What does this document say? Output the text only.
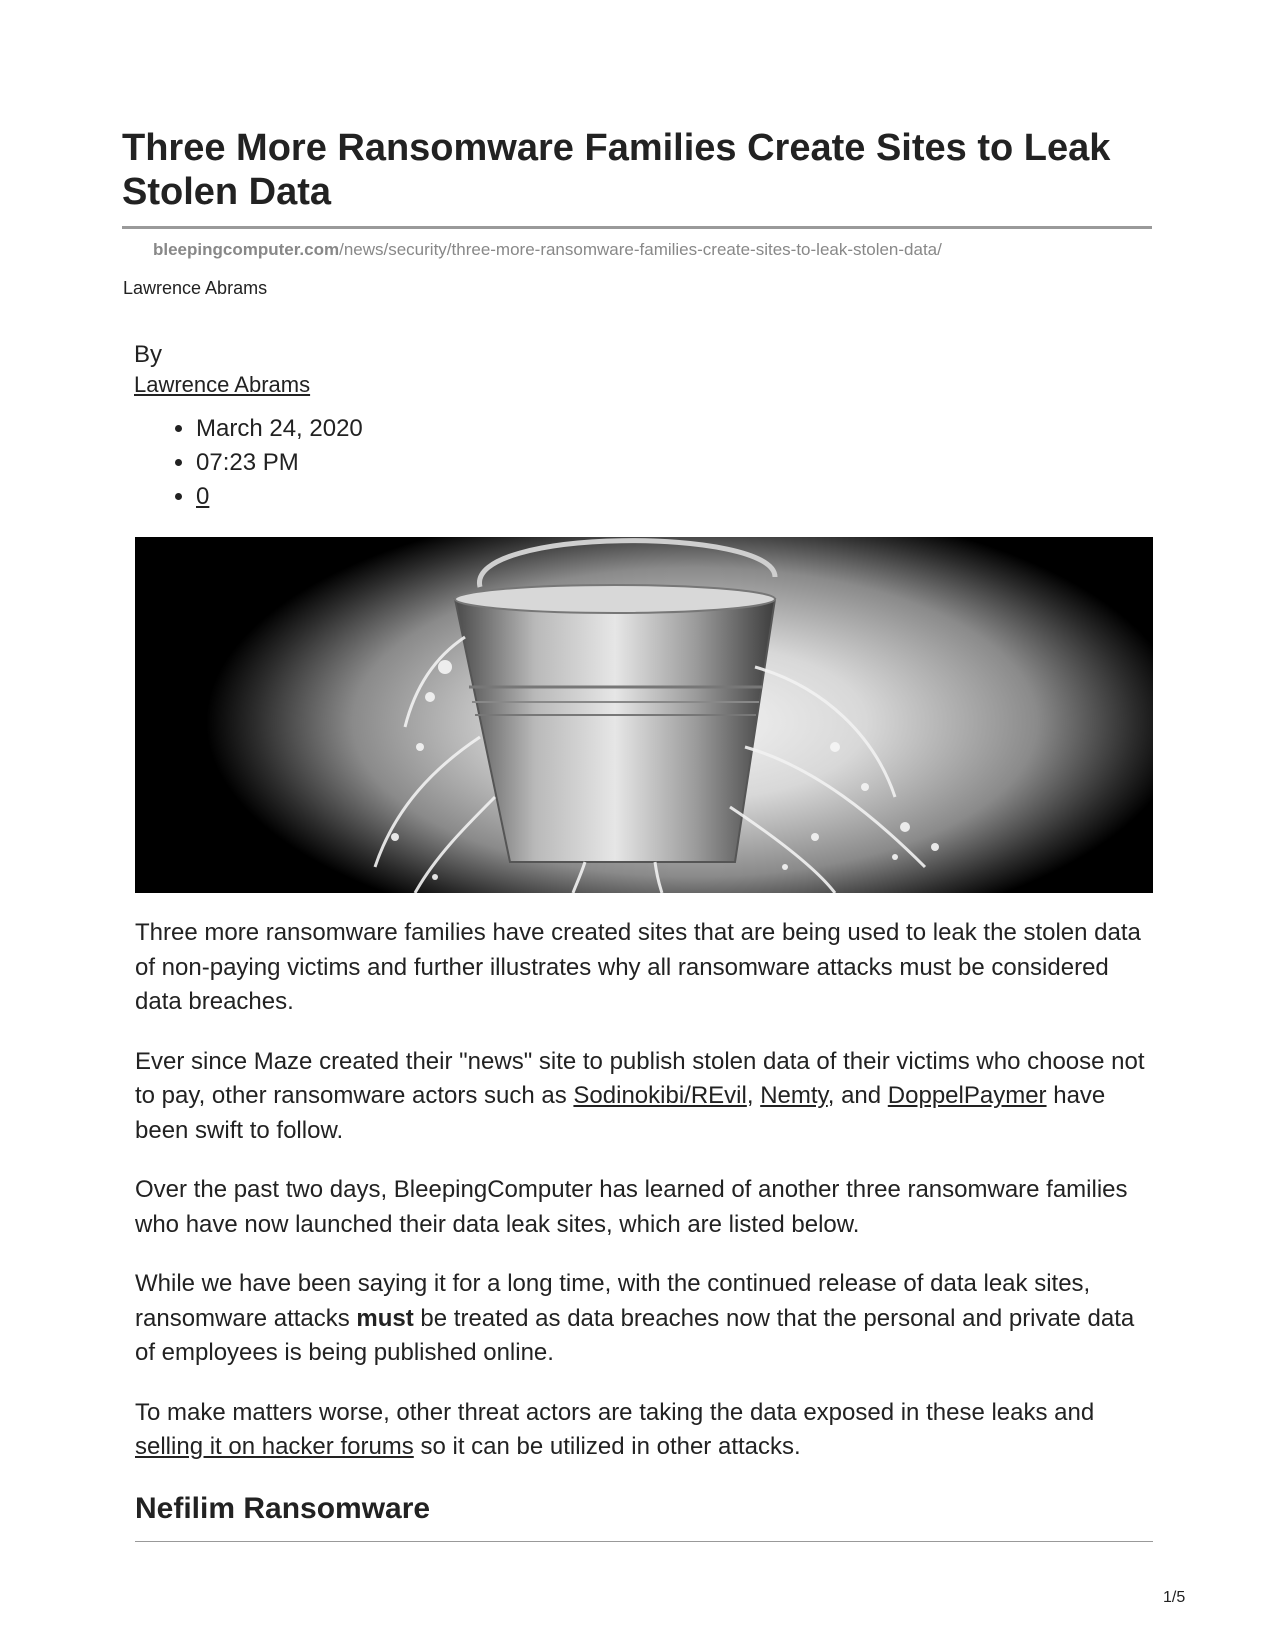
Three More Ransomware Families Create Sites to Leak Stolen Data
bleepingcomputer.com/news/security/three-more-ransomware-families-create-sites-to-leak-stolen-data/
Lawrence Abrams
By
Lawrence Abrams
• March 24, 2020
• 07:23 PM
• 0

Three more ransomware families have created sites that are being used to leak the stolen data of non-paying victims and further illustrates why all ransomware attacks must be considered data breaches.

Ever since Maze created their "news" site to publish stolen data of their victims who choose not to pay, other ransomware actors such as Sodinokibi/REvil, Nemty, and DoppelPaymer have been swift to follow.

Over the past two days, BleepingComputer has learned of another three ransomware families who have now launched their data leak sites, which are listed below.

While we have been saying it for a long time, with the continued release of data leak sites, ransomware attacks must be treated as data breaches now that the personal and private data of employees is being published online.

To make matters worse, other threat actors are taking the data exposed in these leaks and selling it on hacker forums so it can be utilized in other attacks.

Nefilim Ransomware
1/5
